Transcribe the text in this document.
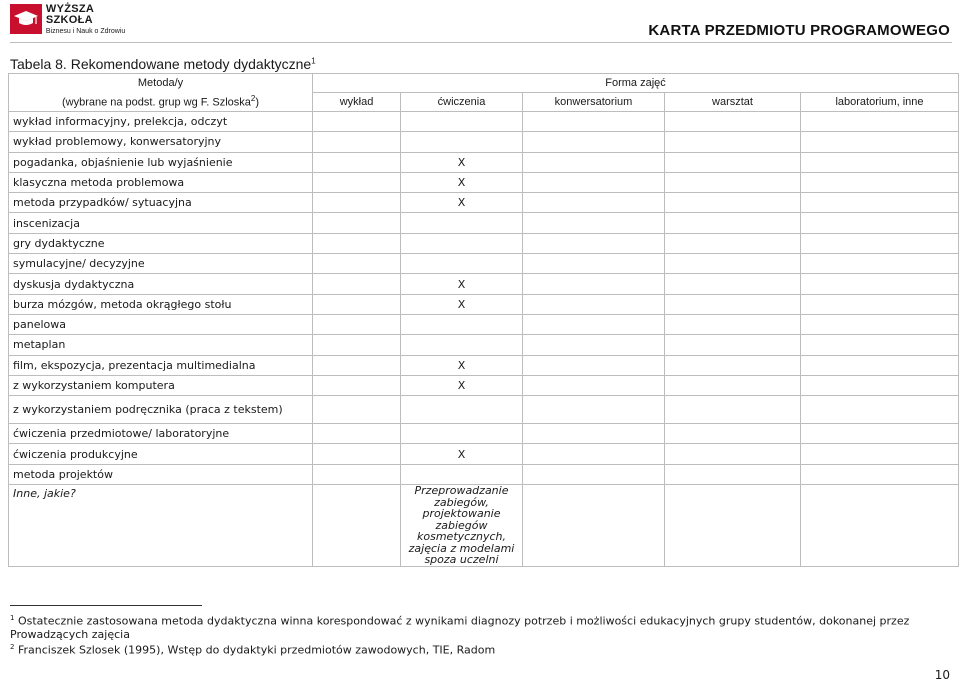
WYŻSZA SZKOŁA
Biznesu i Nauk o Zdrowiu	KARTA PRZEDMIOTU PROGRAMOWEGO
Tabela 8. Rekomendowane metody dydaktyczne$^1$
Metoda/y	Forma zajęć				
(wybrane na podst. grup wg F. Szloska$^2$)	wykład	ćwiczenia	konwersatorium	warsztat	laboratorium, inne
wykład informacyjny, prelekcja, odczyt					
wykład problemowy, konwersatoryjny					
pogadanka, objaśnienie lub wyjaśnienie		X			
klasyczna metoda problemowa		X			
metoda przypadków/ sytuacyjna		X			
inscenizacja					
gry dydaktyczne					
symulacyjne/ decyzyjne					
dyskusja dydaktyczna		X			
burza mózgów, metoda okrągłego stołu		X			
panelowa					
metaplan					
film, ekspozycja, prezentacja multimedialna		X			
z wykorzystaniem komputera		X			
z wykorzystaniem podręcznika (praca z tekstem)					
ćwiczenia przedmiotowe/ laboratoryjne					
ćwiczenia produkcyjne		X			
metoda projektów					
Inne, jakie?		Przeprowadzanie zabiegów, projektowanie zabiegów kosmetycznych, zajęcia z modelami spoza uczelni			
$^1$ Ostatecznie zastosowana metoda dydaktyczna winna korespondować z wynikami diagnozy potrzeb i możliwości edukacyjnych grupy studentów, dokonanej przez Prowadzących zajęcia
$^2$ Franciszek Szlosek (1995), Wstęp do dydaktyki przedmiotów zawodowych, TIE, Radom
10
